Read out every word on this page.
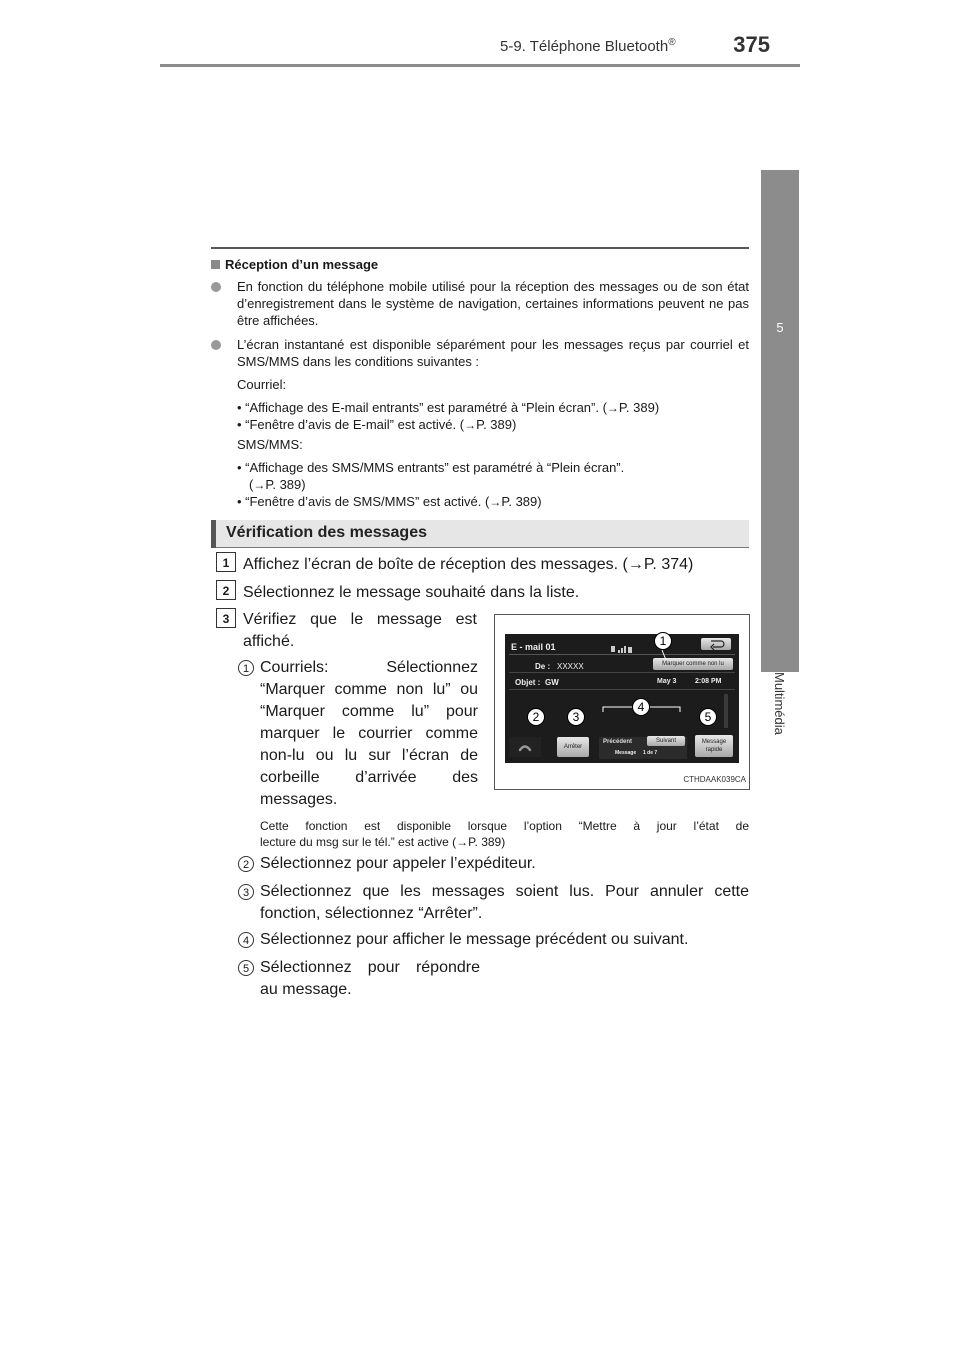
5-9. Téléphone Bluetooth®	375
5
Multimédia
Réception d’un message
En fonction du téléphone mobile utilisé pour la réception des messages ou de son état d’enregistrement dans le système de navigation, certaines informations peuvent ne pas être affichées.
L’écran instantané est disponible séparément pour les messages reçus par courriel et SMS/MMS dans les conditions suivantes :
Courriel:
• “Affichage des E-mail entrants” est paramétré à “Plein écran”. (→P. 389)
• “Fenêtre d’avis de E-mail” est activé. (→P. 389)
SMS/MMS:
• “Affichage des SMS/MMS entrants” est paramétré à “Plein écran”.
(→P. 389)
• “Fenêtre d’avis de SMS/MMS” est activé. (→P. 389)
Vérification des messages
1 Affichez l’écran de boîte de réception des messages. (→P. 374)
2 Sélectionnez le message souhaité dans la liste.
3 Vérifiez que le message est
affiché.
1 Courriels: Sélectionnez
“Marquer comme non lu” ou
“Marquer comme lu” pour
marquer le courrier comme
non-lu ou lu sur l’écran de
corbeille d’arrivée des
messages.
Cette fonction est disponible lorsque l’option “Mettre à jour l’état de
lecture du msg sur le tél.” est active (→P. 389)
2 Sélectionnez pour appeler l’expéditeur.
3 Sélectionnez que les messages soient lus. Pour annuler cette
fonction, sélectionnez “Arrêter”.
4 Sélectionnez pour afficher le message précédent ou suivant.
5 Sélectionnez pour répondre
au message.
E - mail 01
De : XXXXX	Marquer comme non lu
Objet : GW	May 3	2:08 PM
Arrêter
Précédent	Suivant
Message 1 de 7
Message
rapide
1
2	3
4
5
CTHDAAK039CA
